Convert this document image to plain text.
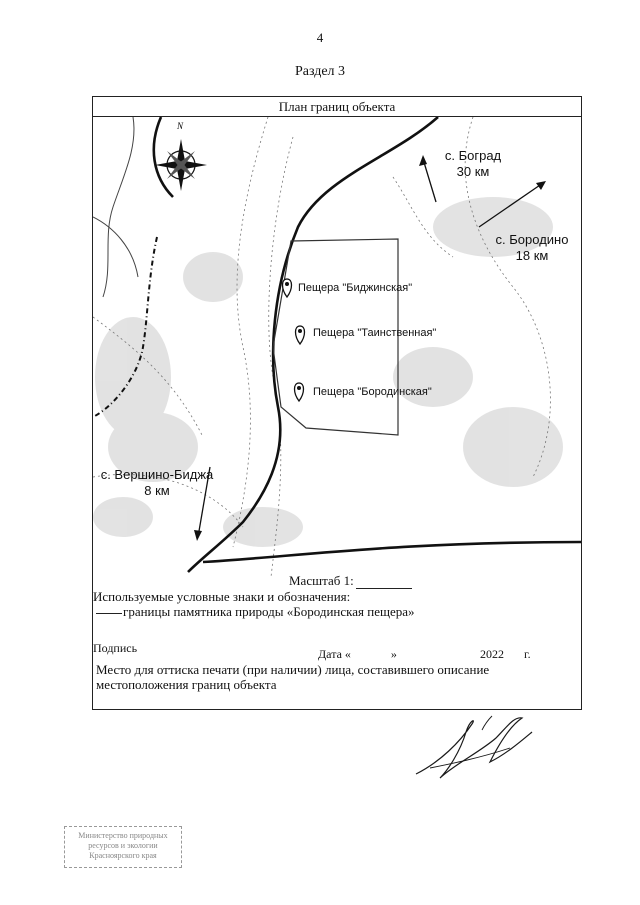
4
Раздел 3
План границ объекта
N
с. Боград
30 км
с. Бородино
18 км
с. Вершино-Биджа
8 км
Пещера "Биджинская"
Пещера "Таинственная"
Пещера "Бородинская"
Масштаб 1:
Используемые условные знаки и обозначения:
границы памятника природы «Бородинская пещера»
Подпись	Дата «	»	2022 г.
Место для оттиска печати (при наличии) лица, составившего описание
местоположения границ объекта
Министерство природных
ресурсов и экологии
Красноярского края
